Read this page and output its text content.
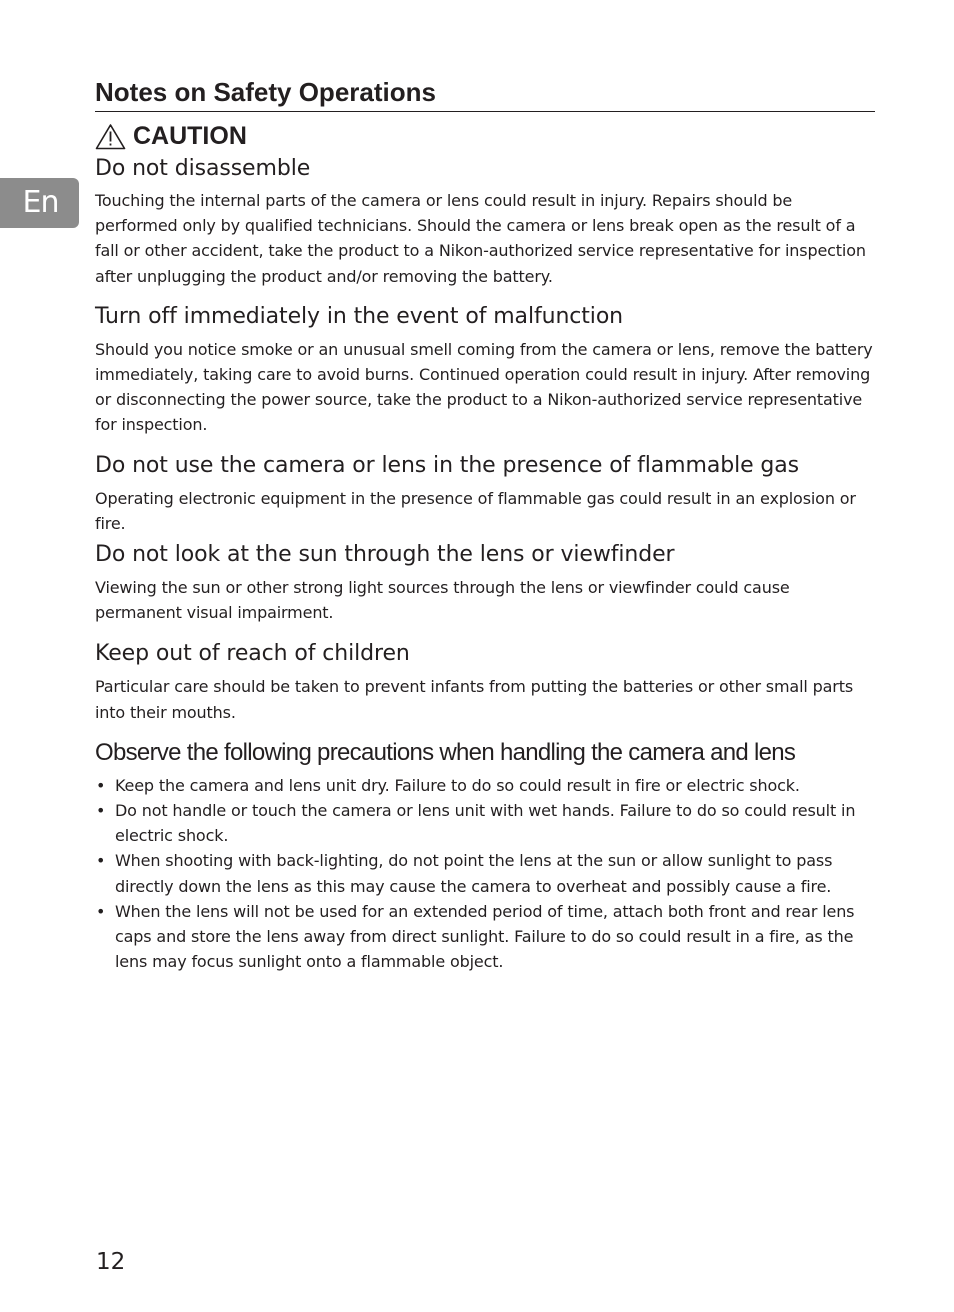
En
Notes on Safety Operations
CAUTION
Do not disassemble

Touching the internal parts of the camera or lens could result in injury. Repairs should be performed only by qualified technicians. Should the camera or lens break open as the result of a fall or other accident, take the product to a Nikon-authorized service representative for inspection after unplugging the product and/or removing the battery.

Turn off immediately in the event of malfunction

Should you notice smoke or an unusual smell coming from the camera or lens, remove the battery immediately, taking care to avoid burns. Continued operation could result in injury. After removing or disconnecting the power source, take the product to a Nikon-authorized service representative for inspection.

Do not use the camera or lens in the presence of flammable gas

Operating electronic equipment in the presence of flammable gas could result in an explosion or fire.

Do not look at the sun through the lens or viewfinder

Viewing the sun or other strong light sources through the lens or viewfinder could cause permanent visual impairment.

Keep out of reach of children

Particular care should be taken to prevent infants from putting the batteries or other small parts into their mouths.

Observe the following precautions when handling the camera and lens
• Keep the camera and lens unit dry. Failure to do so could result in fire or electric shock.
• Do not handle or touch the camera or lens unit with wet hands. Failure to do so could result in electric shock.
• When shooting with back-lighting, do not point the lens at the sun or allow sunlight to pass directly down the lens as this may cause the camera to overheat and possibly cause a fire.
• When the lens will not be used for an extended period of time, attach both front and rear lens caps and store the lens away from direct sunlight. Failure to do so could result in a fire, as the lens may focus sunlight onto a flammable object.
12
